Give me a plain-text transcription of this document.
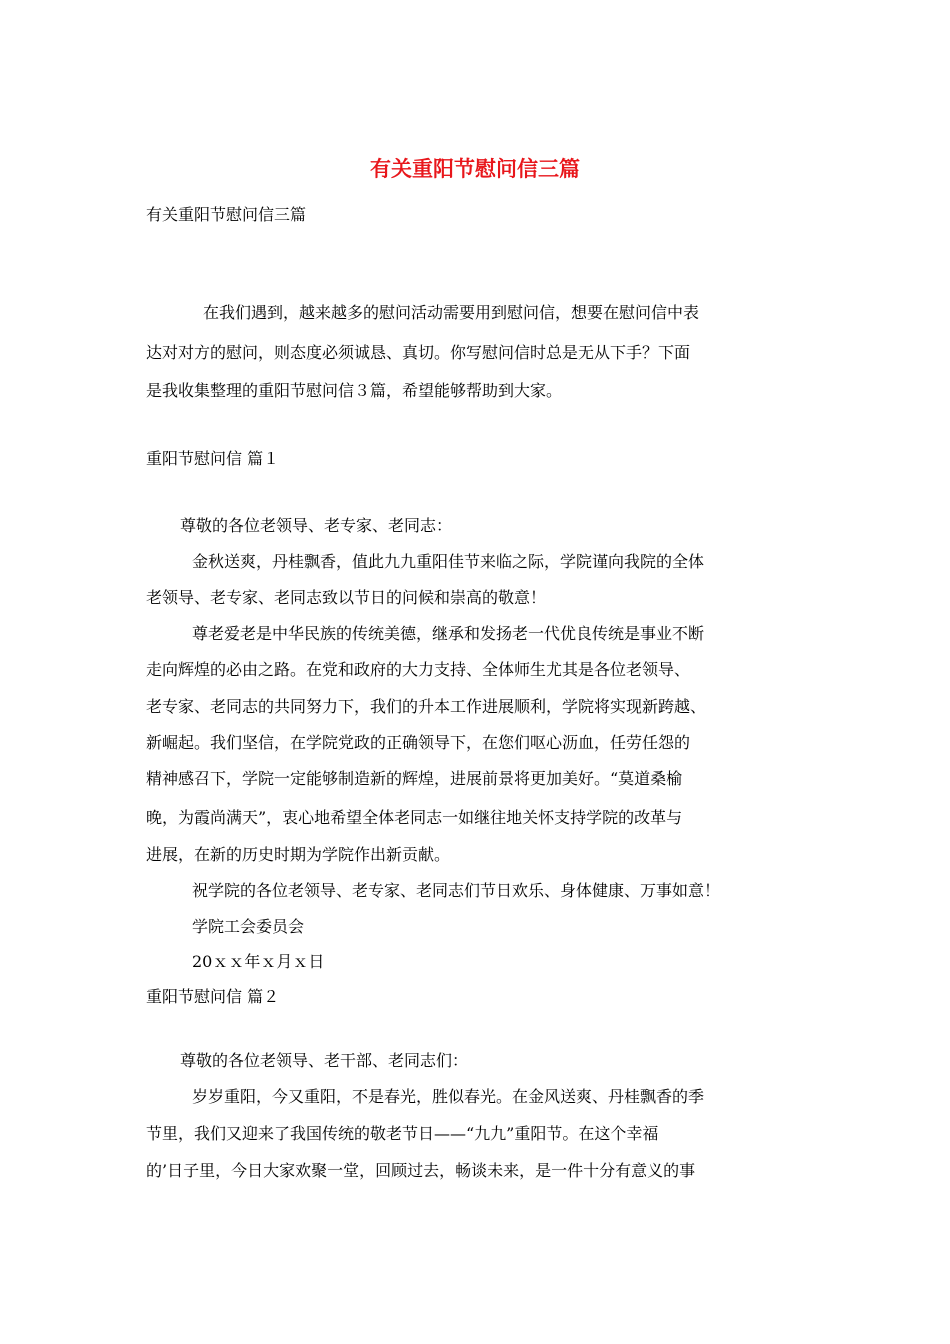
有关重阳节慰问信三篇

有关重阳节慰问信三篇

在我们遇到，越来越多的慰问活动需要用到慰问信，想要在慰问信中表

达对对方的慰问，则态度必须诚恳、真切。你写慰问信时总是无从下手？下面

是我收集整理的重阳节慰问信３篇，希望能够帮助到大家。

重阳节慰问信 篇１

尊敬的各位老领导、老专家、老同志：

金秋送爽，丹桂飘香，值此九九重阳佳节来临之际，学院谨向我院的全体

老领导、老专家、老同志致以节日的问候和崇高的敬意！

尊老爱老是中华民族的传统美德，继承和发扬老一代优良传统是事业不断

走向辉煌的必由之路。在党和政府的大力支持、全体师生尤其是各位老领导、

老专家、老同志的共同努力下，我们的升本工作进展顺利，学院将实现新跨越、

新崛起。我们坚信，在学院党政的正确领导下，在您们呕心沥血，任劳任怨的

精神感召下，学院一定能够制造新的辉煌，进展前景将更加美好。“莫道桑榆

晚，为霞尚满天”，衷心地希望全体老同志一如继往地关怀支持学院的改革与

进展，在新的历史时期为学院作出新贡献。

祝学院的各位老领导、老专家、老同志们节日欢乐、身体健康、万事如意！

学院工会委员会

20ｘｘ年ｘ月ｘ日

重阳节慰问信 篇２

尊敬的各位老领导、老干部、老同志们：

岁岁重阳，今又重阳，不是春光，胜似春光。在金风送爽、丹桂飘香的季

节里，我们又迎来了我国传统的敬老节日——“九九”重阳节。在这个幸福

的’日子里，今日大家欢聚一堂，回顾过去，畅谈未来，是一件十分有意义的事
